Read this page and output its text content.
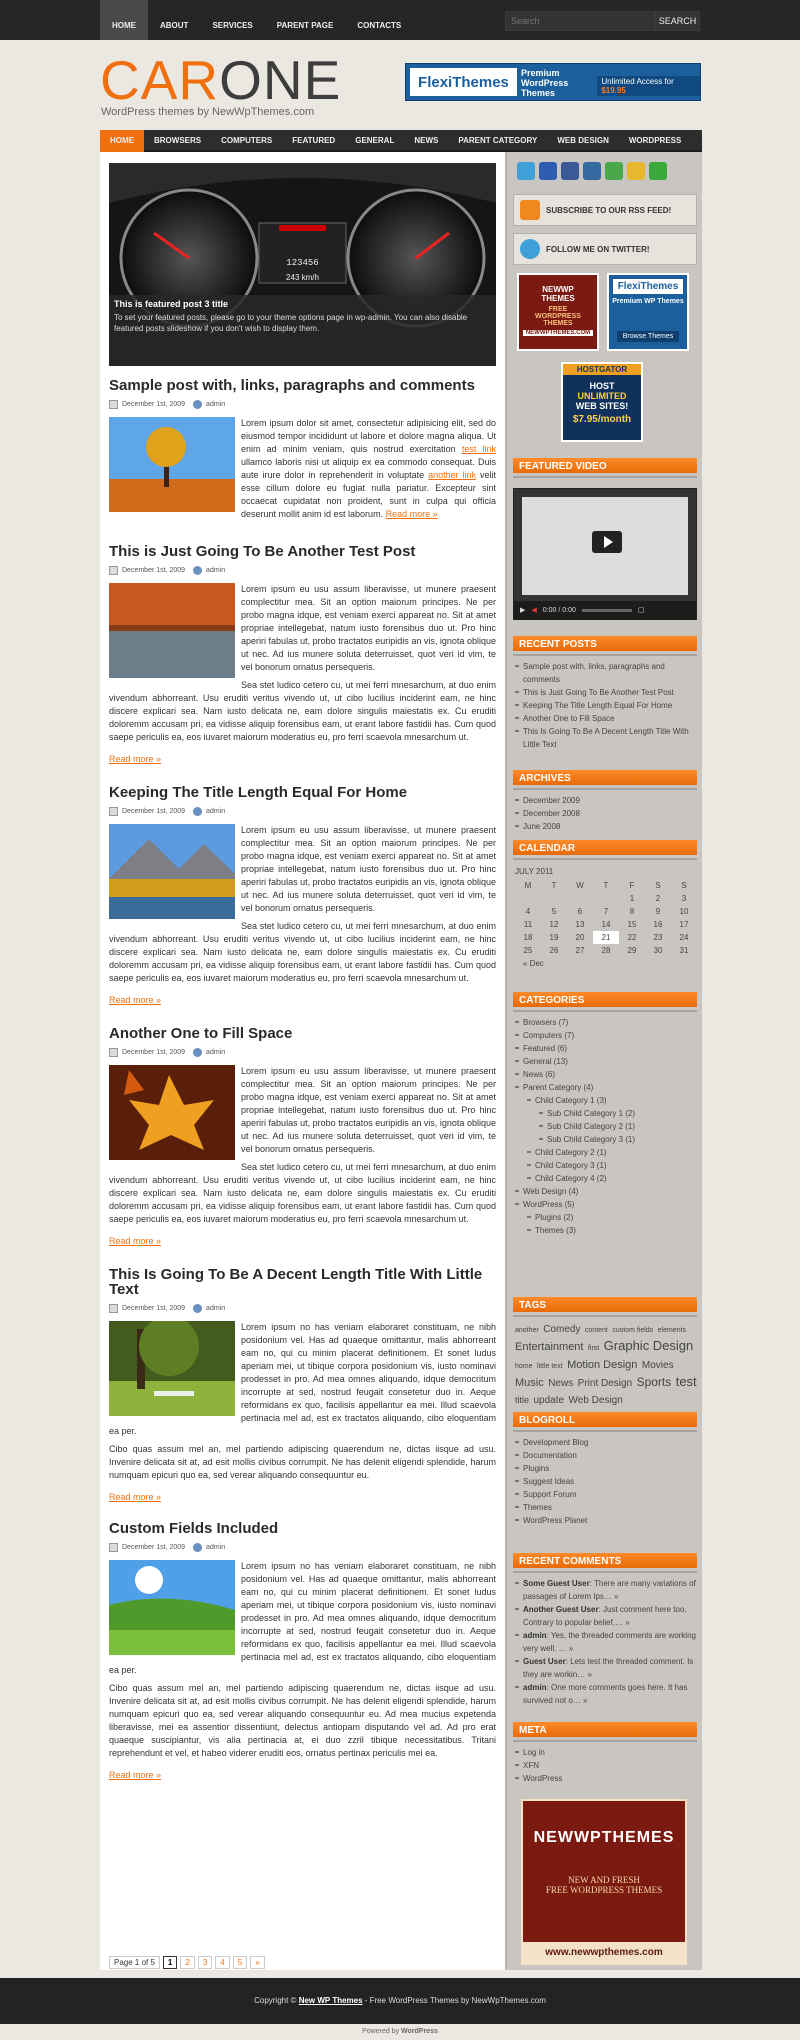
HOME	ABOUT	SERVICES	PARENT PAGE	CONTACTS
Search	SEARCH
CARONE
WordPress themes by NewWpThemes.com
FlexiThemes
Premium
WordPress
Themes
Unlimited Access for $19.95
HOME	BROWSERS	COMPUTERS	FEATURED	GENERAL	NEWS	PARENT CATEGORY	WEB DESIGN	WORDPRESS
123456
243 km/h
This is featured post 3 title
To set your featured posts, please go to your theme options page in wp-admin. You can also disable featured posts slideshow if you don't wish to display them.
Sample post with, links, paragraphs and comments
December 1st, 2009	admin

Lorem ipsum dolor sit amet, consectetur adipisicing elit, sed do eiusmod tempor incididunt ut labore et dolore magna aliqua. Ut enim ad minim veniam, quis nostrud exercitation test link ullamco laboris nisi ut aliquip ex ea commodo consequat. Duis aute irure dolor in reprehenderit in voluptate another link velit esse cillum dolore eu fugiat nulla pariatur. Excepteur sint occaecat cupidatat non proident, sunt in culpa qui officia deserunt mollit anim id est laborum. Read more »

This is Just Going To Be Another Test Post
December 1st, 2009	admin

Lorem ipsum eu usu assum liberavisse, ut munere praesent complectitur mea. Sit an option maiorum principes. Ne per probo magna idque, est veniam exerci appareat no. Sit at amet propriae intellegebat, natum iusto forensibus duo ut. Pro hinc aperiri fabulas ut, probo tractatos euripidis an vis, ignota oblique ut nec. Ad ius munere soluta deterruisset, quot veri id vim, te vel bonorum ornatus persequeris.

Sea stet ludico cetero cu, ut mei ferri mnesarchum, at duo enim vivendum abhorreant. Usu eruditi veritus vivendo ut, ut cibo lucilius inciderint eam, ne hinc discere explicari sea. Nam iusto delicata ne, eam dolore singulis maiestatis ex. Cu eruditi doloremm accusam pri, ea vidisse aliquip forensibus eam, ut erant labore fastidii has. Cum quod saepe periculis ea, eos iuvaret maiorum moderatius eu, pro ferri scaevola mnesarchum ut.

Read more »
Keeping The Title Length Equal For Home
December 1st, 2009	admin

Lorem ipsum eu usu assum liberavisse, ut munere praesent complectitur mea. Sit an option maiorum principes. Ne per probo magna idque, est veniam exerci appareat no. Sit at amet propriae intellegebat, natum iusto forensibus duo ut. Pro hinc aperiri fabulas ut, probo tractatos euripidis an vis, ignota oblique ut nec. Ad ius munere soluta deterruisset, quot veri id vim, te vel bonorum ornatus persequeris.

Sea stet ludico cetero cu, ut mei ferri mnesarchum, at duo enim vivendum abhorreant. Usu eruditi veritus vivendo ut, ut cibo lucilius inciderint eam, ne hinc discere explicari sea. Nam iusto delicata ne, eam dolore singulis maiestatis ex. Cu eruditi doloremm accusam pri, ea vidisse aliquip forensibus eam, ut erant labore fastidii has. Cum quod saepe periculis ea, eos iuvaret maiorum moderatius eu, pro ferri scaevola mnesarchum ut.

Read more »
Another One to Fill Space
December 1st, 2009	admin

Lorem ipsum eu usu assum liberavisse, ut munere praesent complectitur mea. Sit an option maiorum principes. Ne per probo magna idque, est veniam exerci appareat no. Sit at amet propriae intellegebat, natum iusto forensibus duo ut. Pro hinc aperiri fabulas ut, probo tractatos euripidis an vis, ignota oblique ut nec. Ad ius munere soluta deterruisset, quot veri id vim, te vel bonorum ornatus persequeris.

Sea stet ludico cetero cu, ut mei ferri mnesarchum, at duo enim vivendum abhorreant. Usu eruditi veritus vivendo ut, ut cibo lucilius inciderint eam, ne hinc discere explicari sea. Nam iusto delicata ne, eam dolore singulis maiestatis ex. Cu eruditi doloremm accusam pri, ea vidisse aliquip forensibus eam, ut erant labore fastidii has. Cum quod saepe periculis ea, eos iuvaret maiorum moderatius eu, pro ferri scaevola mnesarchum ut.

Read more »
This Is Going To Be A Decent Length Title With Little Text
December 1st, 2009	admin

Lorem ipsum no has veniam elaboraret constituam, ne nibh posidonium vel. Has ad quaeque omittantur, malis abhorreant eam no, qui cu minim placerat definitionem. Et sonet ludus aperiam mei, ut tibique corpora posidonium vis, iusto nominavi prodesset in pro. Ad mea omnes aliquando, idque democritum incorrupte at sed, nostrud feugait consetetur duo in. Aeque reformidans ex quo, facilisis appellantur ea mei. Illud scaevola pertinacia mel ad, est ex tractatos aliquando, cibo eloquentiam ea per.

Cibo quas assum mel an, mel partiendo adipiscing quaerendum ne, dictas iisque ad usu. Invenire delicata sit at, ad esit mollis civibus corrumpit. Ne has delenit eligendi splendide, harum numquam epicuri quo ea, sed verear aliquando consequuntur eu.

Read more »
Custom Fields Included
December 1st, 2009	admin

Lorem ipsum no has veniam elaboraret constituam, ne nibh posidonium vel. Has ad quaeque omittantur, malis abhorreant eam no, qui cu minim placerat definitionem. Et sonet ludus aperiam mei, ut tibique corpora posidonium vis, iusto nominavi prodesset in pro. Ad mea omnes aliquando, idque democritum incorrupte at sed, nostrud feugait consetetur duo in. Aeque reformidans ex quo, facilisis appellantur ea mei. Illud scaevola pertinacia mel ad, est ex tractatos aliquando, cibo eloquentiam ea per.

Cibo quas assum mel an, mel partiendo adipiscing quaerendum ne, dictas iisque ad usu. Invenire delicata sit at, ad esit mollis civibus corrumpit. Ne has delenit eligendi splendide, harum numquam epicuri quo ea, sed verear aliquando consequuntur eu. Ad mea mucius expetenda liberavisse, mei ea assentior dissentiunt, delectus antiopam disputando vel ad. Ad pro erat quaeque suscipiantur, vis alia pertinacia at, ei duo zzril tibique necessitatibus. Tritani reprehendunt et vel, et habeo viderer eruditi eos, ornatus pertinax periculis mei ea.

Read more »
Page 1 of 5	1	2	3	4	5	»
SUBSCRIBE TO OUR RSS FEED!
FOLLOW ME ON TWITTER!
NEWWP
THEMES
FREE
WORDPRESS
THEMES
NEWWPTHEMES.COM
FlexiThemes
Premium WP Themes
Browse Themes
HOSTGATOR
HOST
UNLIMITED
WEB SITES!
$7.95/month
FEATURED VIDEO
▶ ◀ 0:00 / 0:00	▢
RECENT POSTS
Sample post with, links, paragraphs and comments
This is Just Going To Be Another Test Post
Keeping The Title Length Equal For Home
Another One to Fill Space
This Is Going To Be A Decent Length Title With Little Text
ARCHIVES
December 2009
December 2008
June 2008
CALENDAR
JULY 2011
M	T	W	T	F	S	S
				1	2	3
4	5	6	7	8	9	10
11	12	13	14	15	16	17
18	19	20	21	22	23	24
25	26	27	28	29	30	31
« Dec
CATEGORIES
Browsers (7)
Computers (7)
Featured (6)
General (13)
News (6)
Parent Category (4)
Child Category 1 (3)
Sub Child Category 1 (2)
Sub Child Category 2 (1)
Sub Child Category 3 (1)
Child Category 2 (1)
Child Category 3 (1)
Child Category 4 (2)
Web Design (4)
WordPress (5)
Plugins (2)
Themes (3)
TAGS
another Comedy content custom fields elements Entertainment first Graphic Design home little text Motion Design Movies Music News Print Design Sports test title update Web Design
BLOGROLL
Development Blog
Documentation
Plugins
Suggest Ideas
Support Forum
Themes
WordPress Planet
RECENT COMMENTS
Some Guest User: There are many variations of passages of Lorem Ips… »
Another Guest User: Just comment here too. Contrary to popular belief,… »
admin: Yes, the threaded comments are working very well. … »
Guest User: Lets test the threaded comment. Is they are workin… »
admin: One more comments goes here. It has survived not o… »
META
Log in
XFN
WordPress
NEWWPTHEMES
NEW AND FRESH
FREE WORDPRESS THEMES
www.newwpthemes.com
Copyright © New WP Themes - Free WordPress Themes by NewWpThemes.com
Powered by WordPress
